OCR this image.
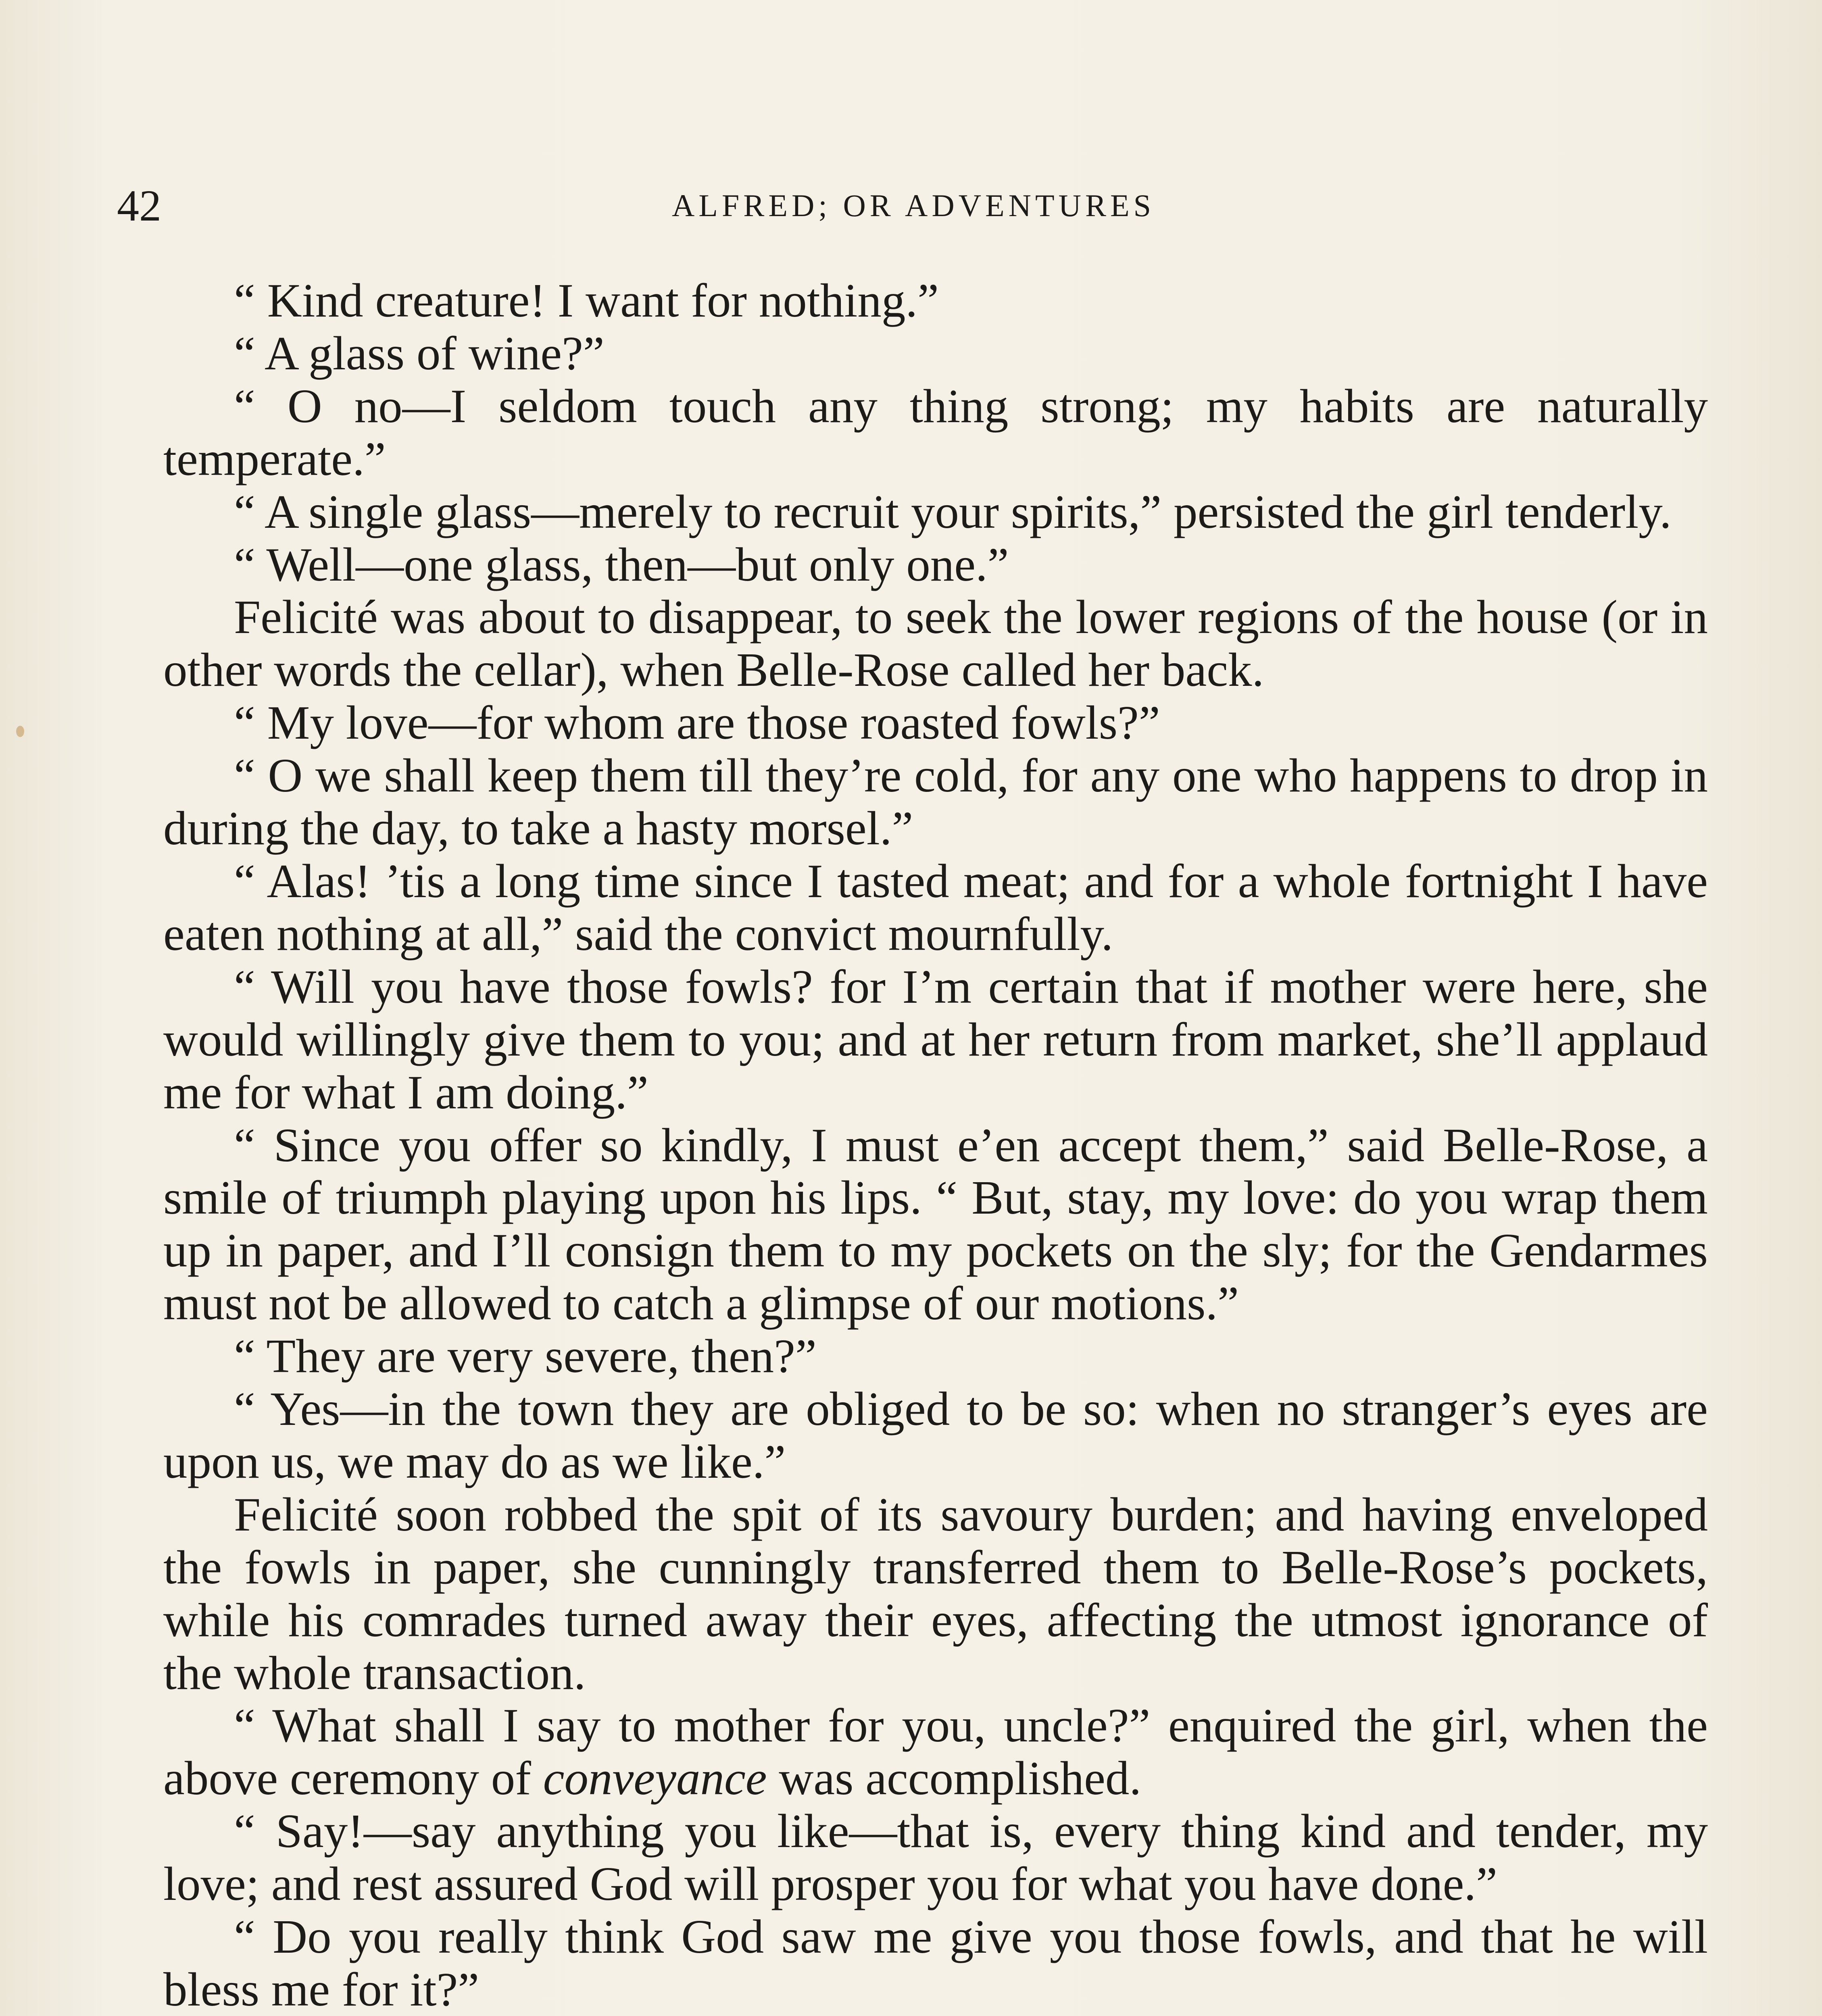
42	ALFRED; OR ADVENTURES

“ Kind creature! I want for nothing.”

“ A glass of wine?”

“ O no—I seldom touch any thing strong; my habits are naturally temperate.”

“ A single glass—merely to recruit your spirits,” persisted the girl tenderly.

“ Well—one glass, then—but only one.”

Felicité was about to disappear, to seek the lower regions of the house (or in other words the cellar), when Belle-Rose called her back.

“ My love—for whom are those roasted fowls?”

“ O we shall keep them till they’re cold, for any one who happens to drop in during the day, to take a hasty morsel.”

“ Alas! ’tis a long time since I tasted meat; and for a whole fortnight I have eaten nothing at all,” said the convict mournfully.

“ Will you have those fowls? for I’m certain that if mother were here, she would willingly give them to you; and at her return from market, she’ll applaud me for what I am doing.”

“ Since you offer so kindly, I must e’en accept them,” said Belle-Rose, a smile of triumph playing upon his lips. “ But, stay, my love: do you wrap them up in paper, and I’ll consign them to my pockets on the sly; for the Gendarmes must not be allowed to catch a glimpse of our motions.”

“ They are very severe, then?”

“ Yes—in the town they are obliged to be so: when no stranger’s eyes are upon us, we may do as we like.”

Felicité soon robbed the spit of its savoury burden; and having enveloped the fowls in paper, she cunningly transferred them to Belle-Rose’s pockets, while his comrades turned away their eyes, affecting the utmost ignorance of the whole transaction.

“ What shall I say to mother for you, uncle?” enquired the girl, when the above ceremony of conveyance was accomplished.

“ Say!—say anything you like—that is, every thing kind and tender, my love; and rest assured God will prosper you for what you have done.”

“ Do you really think God saw me give you those fowls, and that he will bless me for it?”
